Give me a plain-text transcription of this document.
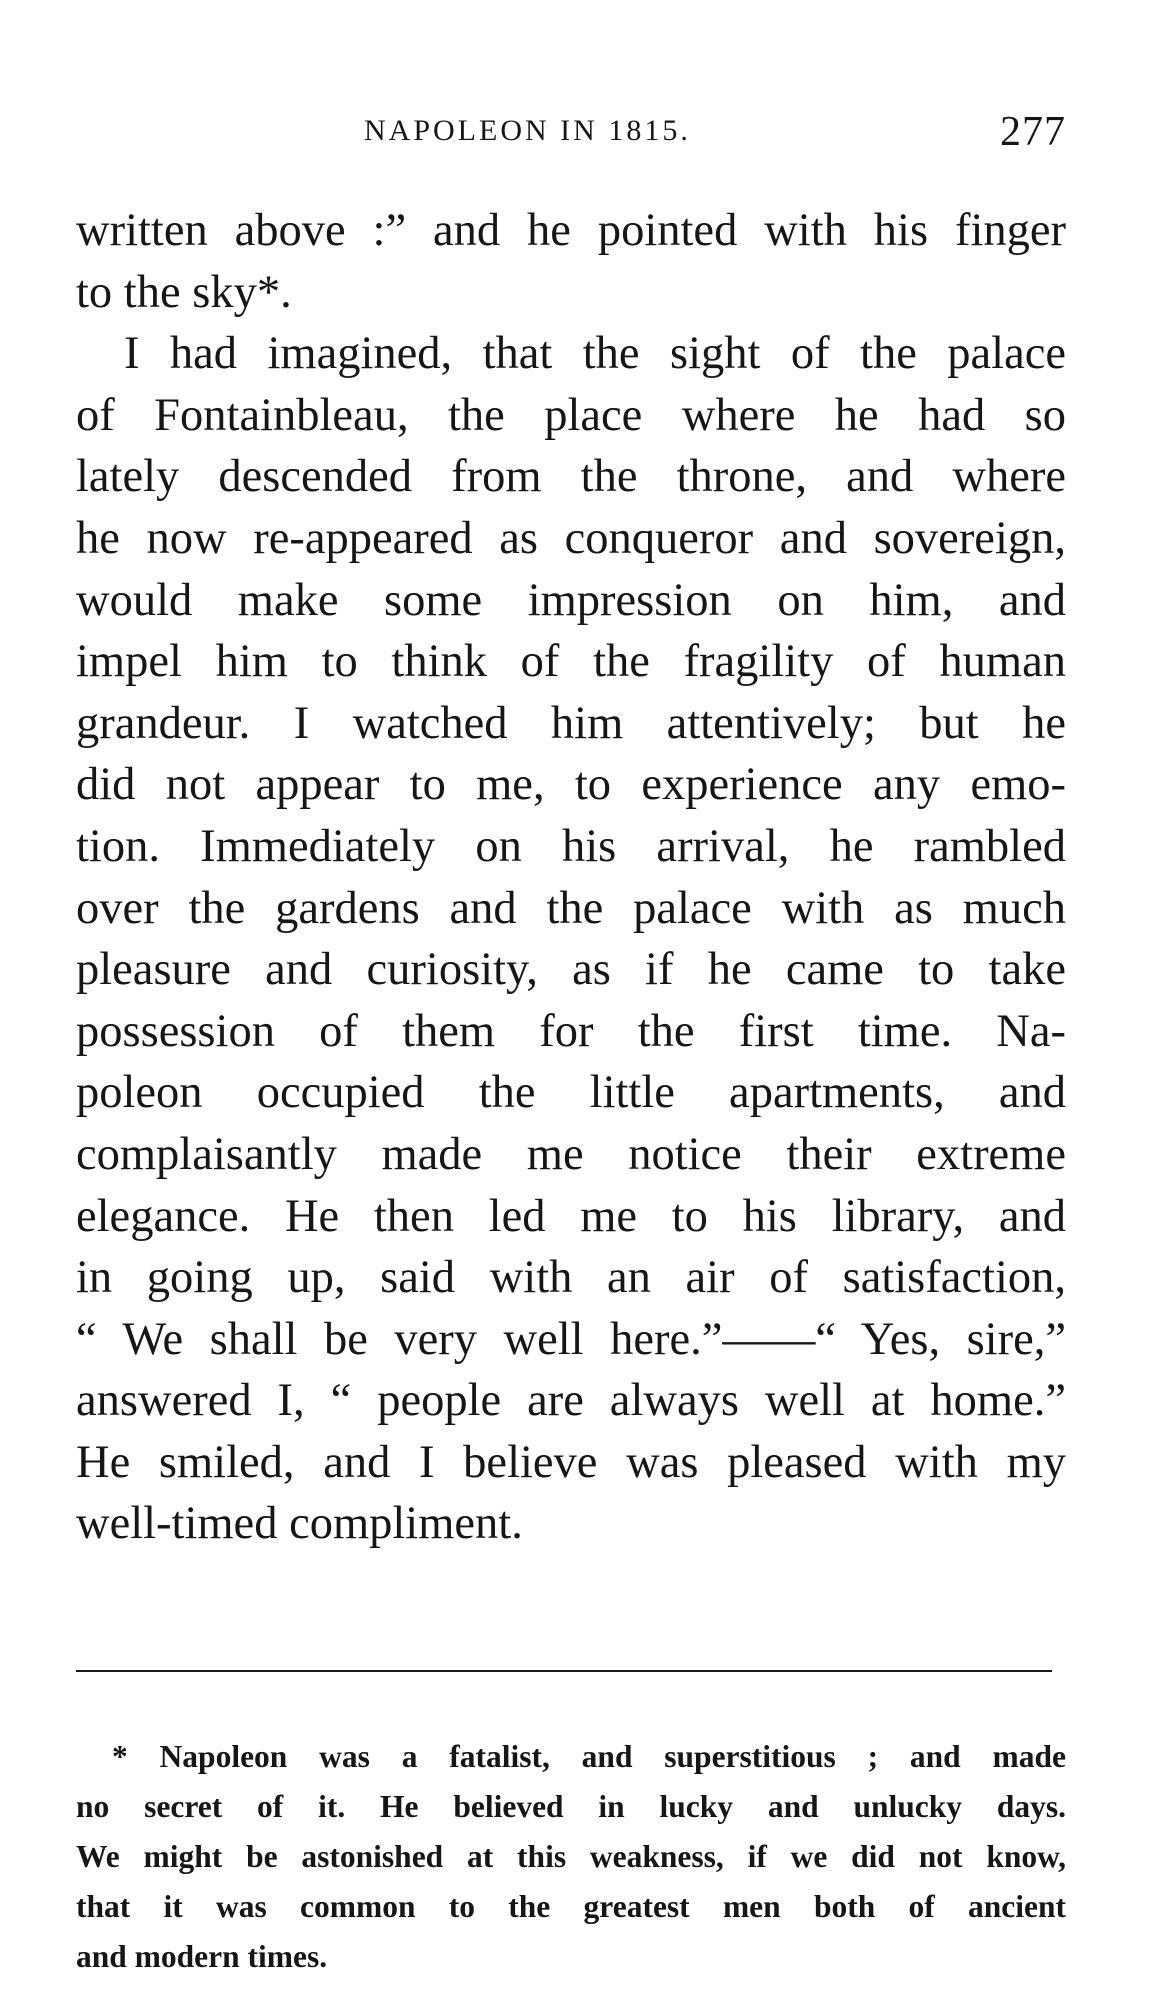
NAPOLEON IN 1815.	277
written above :” and he pointed with his finger
to the sky*.
I had imagined, that the sight of the palace
of Fontainbleau, the place where he had so
lately descended from the throne, and where
he now re-appeared as conqueror and sovereign,
would make some impression on him, and
impel him to think of the fragility of human
grandeur. I watched him attentively; but he
did not appear to me, to experience any emo-
tion. Immediately on his arrival, he rambled
over the gardens and the palace with as much
pleasure and curiosity, as if he came to take
possession of them for the first time. Na-
poleon occupied the little apartments, and
complaisantly made me notice their extreme
elegance. He then led me to his library, and
in going up, said with an air of satisfaction,
“ We shall be very well here.”——“ Yes, sire,”
answered I, “ people are always well at home.”
He smiled, and I believe was pleased with my
well-timed compliment.
* Napoleon was a fatalist, and superstitious ; and made
no secret of it. He believed in lucky and unlucky days.
We might be astonished at this weakness, if we did not know,
that it was common to the greatest men both of ancient
and modern times.
